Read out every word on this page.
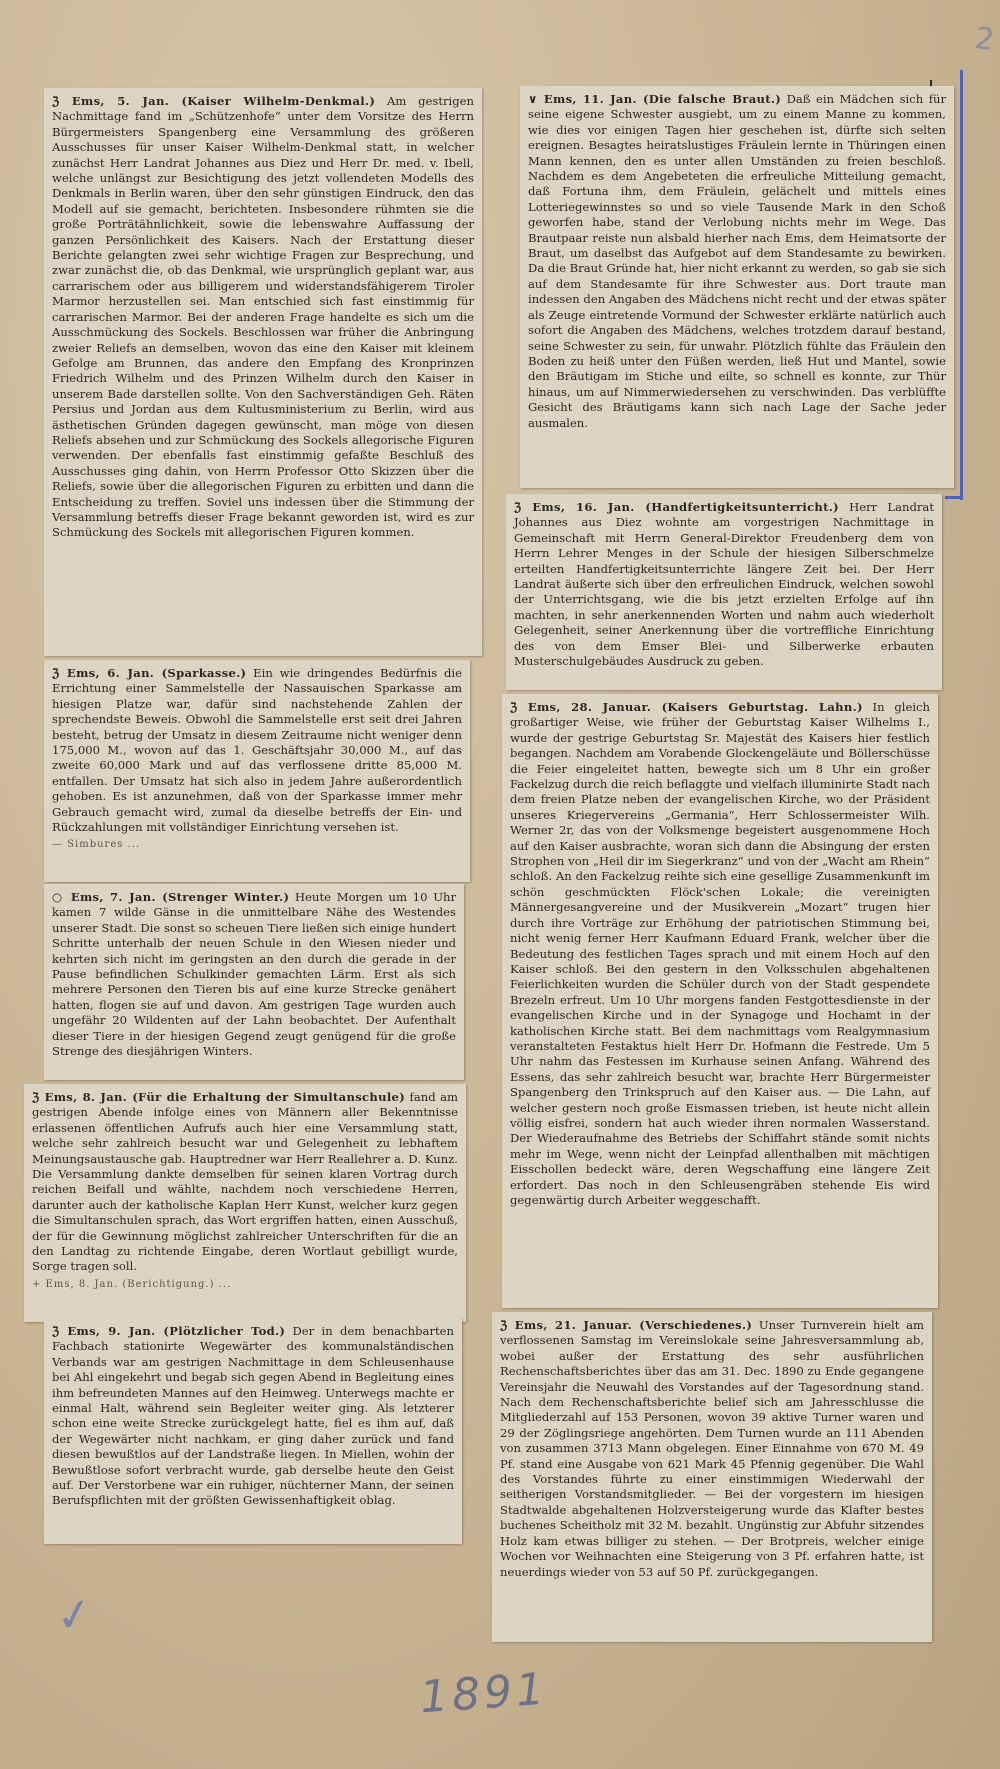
2

ℨ Ems, 5. Jan. (Kaiser Wilhelm-Denkmal.) Am gestrigen Nachmittage fand im „Schützenhofe“ unter dem Vorsitze des Herrn Bürgermeisters Spangenberg eine Versammlung des größeren Ausschusses für unser Kaiser Wilhelm-Denkmal statt, in welcher zunächst Herr Landrat Johannes aus Diez und Herr Dr. med. v. Ibell, welche unlängst zur Besichtigung des jetzt vollendeten Modells des Denkmals in Berlin waren, über den sehr günstigen Eindruck, den das Modell auf sie gemacht, berichteten. Insbesondere rühmten sie die große Porträtähnlichkeit, sowie die lebenswahre Auffassung der ganzen Persönlichkeit des Kaisers. Nach der Erstattung dieser Berichte gelangten zwei sehr wichtige Fragen zur Besprechung, und zwar zunächst die, ob das Denkmal, wie ursprünglich geplant war, aus carrarischem oder aus billigerem und widerstandsfähigerem Tiroler Marmor herzustellen sei. Man entschied sich fast einstimmig für carrarischen Marmor. Bei der anderen Frage handelte es sich um die Ausschmückung des Sockels. Beschlossen war früher die Anbringung zweier Reliefs an demselben, wovon das eine den Kaiser mit kleinem Gefolge am Brunnen, das andere den Empfang des Kronprinzen Friedrich Wilhelm und des Prinzen Wilhelm durch den Kaiser in unserem Bade darstellen sollte. Von den Sachverständigen Geh. Räten Persius und Jordan aus dem Kultusministerium zu Berlin, wird aus ästhetischen Gründen dagegen gewünscht, man möge von diesen Reliefs absehen und zur Schmückung des Sockels allegorische Figuren verwenden. Der ebenfalls fast einstimmig gefaßte Beschluß des Ausschusses ging dahin, von Herrn Professor Otto Skizzen über die Reliefs, sowie über die allegorischen Figuren zu erbitten und dann die Entscheidung zu treffen. Soviel uns indessen über die Stimmung der Versammlung betreffs dieser Frage bekannt geworden ist, wird es zur Schmückung des Sockels mit allegorischen Figuren kommen.

ℨ Ems, 6. Jan. (Sparkasse.) Ein wie dringendes Bedürfnis die Errichtung einer Sammelstelle der Nassauischen Sparkasse am hiesigen Platze war, dafür sind nachstehende Zahlen der sprechendste Beweis. Obwohl die Sammelstelle erst seit drei Jahren besteht, betrug der Umsatz in diesem Zeitraume nicht weniger denn 175,000 M., wovon auf das 1. Geschäftsjahr 30,000 M., auf das zweite 60,000 Mark und auf das verflossene dritte 85,000 M. entfallen. Der Umsatz hat sich also in jedem Jahre außerordentlich gehoben. Es ist anzunehmen, daß von der Sparkasse immer mehr Gebrauch gemacht wird, zumal da dieselbe betreffs der Ein- und Rückzahlungen mit vollständiger Einrichtung versehen ist.

— Simbures ...

○ Ems, 7. Jan. (Strenger Winter.) Heute Morgen um 10 Uhr kamen 7 wilde Gänse in die unmittelbare Nähe des Westendes unserer Stadt. Die sonst so scheuen Tiere ließen sich einige hundert Schritte unterhalb der neuen Schule in den Wiesen nieder und kehrten sich nicht im geringsten an den durch die gerade in der Pause befindlichen Schulkinder gemachten Lärm. Erst als sich mehrere Personen den Tieren bis auf eine kurze Strecke genähert hatten, flogen sie auf und davon. Am gestrigen Tage wurden auch ungefähr 20 Wildenten auf der Lahn beobachtet. Der Aufenthalt dieser Tiere in der hiesigen Gegend zeugt genügend für die große Strenge des diesjährigen Winters.

ℨ Ems, 8. Jan. (Für die Erhaltung der Simultanschule) fand am gestrigen Abende infolge eines von Männern aller Bekenntnisse erlassenen öffentlichen Aufrufs auch hier eine Versammlung statt, welche sehr zahlreich besucht war und Gelegenheit zu lebhaftem Meinungsaustausche gab. Hauptredner war Herr Reallehrer a. D. Kunz. Die Versammlung dankte demselben für seinen klaren Vortrag durch reichen Beifall und wählte, nachdem noch verschiedene Herren, darunter auch der katholische Kaplan Herr Kunst, welcher kurz gegen die Simultanschulen sprach, das Wort ergriffen hatten, einen Ausschuß, der für die Gewinnung möglichst zahlreicher Unterschriften für die an den Landtag zu richtende Eingabe, deren Wortlaut gebilligt wurde, Sorge tragen soll.

+ Ems, 8. Jan. (Berichtigung.) ...

ℨ Ems, 9. Jan. (Plötzlicher Tod.) Der in dem benachbarten Fachbach stationirte Wegewärter des kommunalständischen Verbands war am gestrigen Nachmittage in dem Schleusenhause bei Ahl eingekehrt und begab sich gegen Abend in Begleitung eines ihm befreundeten Mannes auf den Heimweg. Unterwegs machte er einmal Halt, während sein Begleiter weiter ging. Als letzterer schon eine weite Strecke zurückgelegt hatte, fiel es ihm auf, daß der Wegewärter nicht nachkam, er ging daher zurück und fand diesen bewußtlos auf der Landstraße liegen. In Miellen, wohin der Bewußtlose sofort verbracht wurde, gab derselbe heute den Geist auf. Der Verstorbene war ein ruhiger, nüchterner Mann, der seinen Berufspflichten mit der größten Gewissenhaftigkeit oblag.

∨ Ems, 11. Jan. (Die falsche Braut.) Daß ein Mädchen sich für seine eigene Schwester ausgiebt, um zu einem Manne zu kommen, wie dies vor einigen Tagen hier geschehen ist, dürfte sich selten ereignen. Besagtes heiratslustiges Fräulein lernte in Thüringen einen Mann kennen, den es unter allen Umständen zu freien beschloß. Nachdem es dem Angebeteten die erfreuliche Mitteilung gemacht, daß Fortuna ihm, dem Fräulein, gelächelt und mittels eines Lotteriegewinnstes so und so viele Tausende Mark in den Schoß geworfen habe, stand der Verlobung nichts mehr im Wege. Das Brautpaar reiste nun alsbald hierher nach Ems, dem Heimatsorte der Braut, um daselbst das Aufgebot auf dem Standesamte zu bewirken. Da die Braut Gründe hat, hier nicht erkannt zu werden, so gab sie sich auf dem Standesamte für ihre Schwester aus. Dort traute man indessen den Angaben des Mädchens nicht recht und der etwas später als Zeuge eintretende Vormund der Schwester erklärte natürlich auch sofort die Angaben des Mädchens, welches trotzdem darauf bestand, seine Schwester zu sein, für unwahr. Plötzlich fühlte das Fräulein den Boden zu heiß unter den Füßen werden, ließ Hut und Mantel, sowie den Bräutigam im Stiche und eilte, so schnell es konnte, zur Thür hinaus, um auf Nimmerwiedersehen zu verschwinden. Das verblüffte Gesicht des Bräutigams kann sich nach Lage der Sache jeder ausmalen.

ℨ Ems, 16. Jan. (Handfertigkeitsunterricht.) Herr Landrat Johannes aus Diez wohnte am vorgestrigen Nachmittage in Gemeinschaft mit Herrn General-Direktor Freudenberg dem von Herrn Lehrer Menges in der Schule der hiesigen Silberschmelze erteilten Handfertigkeitsunterrichte längere Zeit bei. Der Herr Landrat äußerte sich über den erfreulichen Eindruck, welchen sowohl der Unterrichtsgang, wie die bis jetzt erzielten Erfolge auf ihn machten, in sehr anerkennenden Worten und nahm auch wiederholt Gelegenheit, seiner Anerkennung über die vortreffliche Einrichtung des von dem Emser Blei- und Silberwerke erbauten Musterschulgebäudes Ausdruck zu geben.

ℨ Ems, 28. Januar. (Kaisers Geburtstag. Lahn.) In gleich großartiger Weise, wie früher der Geburtstag Kaiser Wilhelms I., wurde der gestrige Geburtstag Sr. Majestät des Kaisers hier festlich begangen. Nachdem am Vorabende Glockengeläute und Böllerschüsse die Feier eingeleitet hatten, bewegte sich um 8 Uhr ein großer Fackelzug durch die reich beflaggte und vielfach illuminirte Stadt nach dem freien Platze neben der evangelischen Kirche, wo der Präsident unseres Kriegervereins „Germania“, Herr Schlossermeister Wilh. Werner 2r, das von der Volksmenge begeistert ausgenommene Hoch auf den Kaiser ausbrachte, woran sich dann die Absingung der ersten Strophen von „Heil dir im Siegerkranz“ und von der „Wacht am Rhein“ schloß. An den Fackelzug reihte sich eine gesellige Zusammenkunft im schön geschmückten Flöck'schen Lokale; die vereinigten Männergesangvereine und der Musikverein „Mozart“ trugen hier durch ihre Vorträge zur Erhöhung der patriotischen Stimmung bei, nicht wenig ferner Herr Kaufmann Eduard Frank, welcher über die Bedeutung des festlichen Tages sprach und mit einem Hoch auf den Kaiser schloß. Bei den gestern in den Volksschulen abgehaltenen Feierlichkeiten wurden die Schüler durch von der Stadt gespendete Brezeln erfreut. Um 10 Uhr morgens fanden Festgottesdienste in der evangelischen Kirche und in der Synagoge und Hochamt in der katholischen Kirche statt. Bei dem nachmittags vom Realgymnasium veranstalteten Festaktus hielt Herr Dr. Hofmann die Festrede. Um 5 Uhr nahm das Festessen im Kurhause seinen Anfang. Während des Essens, das sehr zahlreich besucht war, brachte Herr Bürgermeister Spangenberg den Trinkspruch auf den Kaiser aus. — Die Lahn, auf welcher gestern noch große Eismassen trieben, ist heute nicht allein völlig eisfrei, sondern hat auch wieder ihren normalen Wasserstand. Der Wiederaufnahme des Betriebs der Schiffahrt stände somit nichts mehr im Wege, wenn nicht der Leinpfad allenthalben mit mächtigen Eisschollen bedeckt wäre, deren Wegschaffung eine längere Zeit erfordert. Das noch in den Schleusengräben stehende Eis wird gegenwärtig durch Arbeiter weggeschafft.

ℨ Ems, 21. Januar. (Verschiedenes.) Unser Turnverein hielt am verflossenen Samstag im Vereinslokale seine Jahresversammlung ab, wobei außer der Erstattung des sehr ausführlichen Rechenschaftsberichtes über das am 31. Dec. 1890 zu Ende gegangene Vereinsjahr die Neuwahl des Vorstandes auf der Tagesordnung stand. Nach dem Rechenschaftsberichte belief sich am Jahresschlusse die Mitgliederzahl auf 153 Personen, wovon 39 aktive Turner waren und 29 der Zöglingsriege angehörten. Dem Turnen wurde an 111 Abenden von zusammen 3713 Mann obgelegen. Einer Einnahme von 670 M. 49 Pf. stand eine Ausgabe von 621 Mark 45 Pfennig gegenüber. Die Wahl des Vorstandes führte zu einer einstimmigen Wiederwahl der seitherigen Vorstandsmitglieder. — Bei der vorgestern im hiesigen Stadtwalde abgehaltenen Holzversteigerung wurde das Klafter bestes buchenes Scheitholz mit 32 M. bezahlt. Ungünstig zur Abfuhr sitzendes Holz kam etwas billiger zu stehen. — Der Brotpreis, welcher einige Wochen vor Weihnachten eine Steigerung von 3 Pf. erfahren hatte, ist neuerdings wieder von 53 auf 50 Pf. zurückgegangen.

✓
1891
